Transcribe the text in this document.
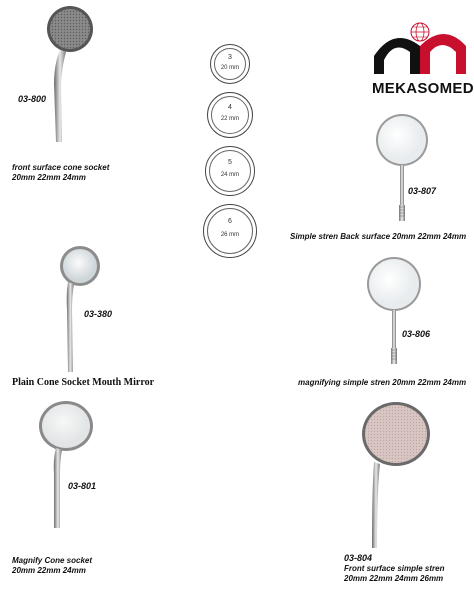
MEKASOMED
3
20 mm
4
22 mm
5
24 mm
6
26 mm
03-800
front surface cone socket
20mm 22mm 24mm
03-807
Simple stren Back surface 20mm 22mm 24mm
03-380
Plain Cone Socket Mouth Mirror
03-806
magnifying simple stren 20mm 22mm 24mm
03-801
Magnify Cone socket
20mm 22mm 24mm
03-804
Front surface simple stren
20mm 22mm 24mm 26mm
